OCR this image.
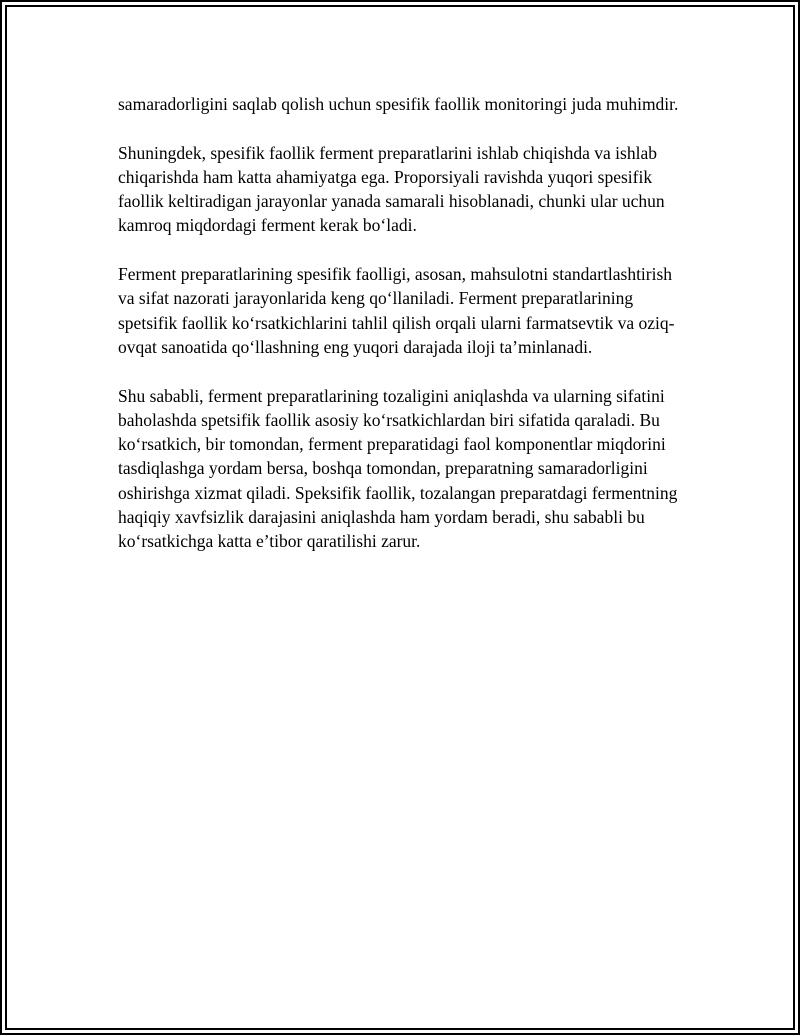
samaradorligini saqlab qolish uchun spesifik faollik monitoringi juda muhimdir.

Shuningdek, spesifik faollik ferment preparatlarini ishlab chiqishda va ishlab chiqarishda ham katta ahamiyatga ega. Proporsiyali ravishda yuqori spesifik faollik keltiradigan jarayonlar yanada samarali hisoblanadi, chunki ular uchun kamroq miqdordagi ferment kerak bo‘ladi.

Ferment preparatlarining spesifik faolligi, asosan, mahsulotni standartlashtirish va sifat nazorati jarayonlarida keng qo‘llaniladi. Ferment preparatlarining spetsifik faollik ko‘rsatkichlarini tahlil qilish orqali ularni farmatsevtik va oziq-ovqat sanoatida qo‘llashning eng yuqori darajada iloji ta’minlanadi.

Shu sababli, ferment preparatlarining tozaligini aniqlashda va ularning sifatini baholashda spetsifik faollik asosiy ko‘rsatkichlardan biri sifatida qaraladi. Bu ko‘rsatkich, bir tomondan, ferment preparatidagi faol komponentlar miqdorini tasdiqlashga yordam bersa, boshqa tomondan, preparatning samaradorligini oshirishga xizmat qiladi. Speksifik faollik, tozalangan preparatdagi fermentning haqiqiy xavfsizlik darajasini aniqlashda ham yordam beradi, shu sababli bu ko‘rsatkichga katta e’tibor qaratilishi zarur.
